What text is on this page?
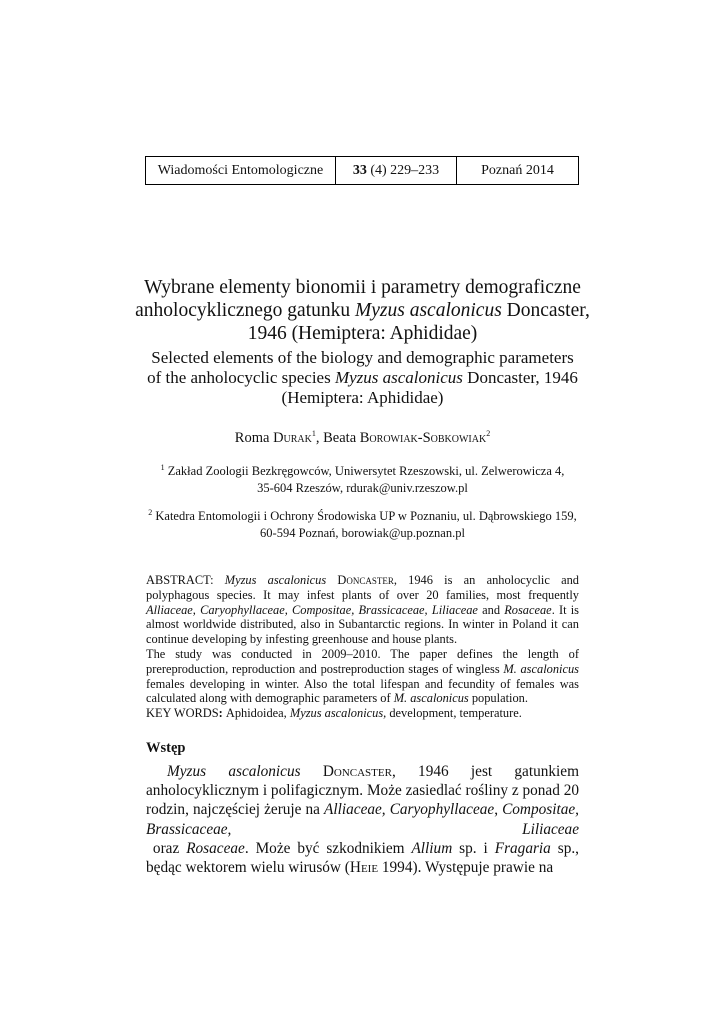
Wiadomości Entomologiczne	33 (4) 229–233	Poznań 2014
Wybrane elementy bionomii i parametry demograficzne
anholocyklicznego gatunku Myzus ascalonicus Doncaster,
1946 (Hemiptera: Aphididae)
Selected elements of the biology and demographic parameters
of the anholocyclic species Myzus ascalonicus Doncaster, 1946
(Hemiptera: Aphididae)
Roma Durak$^1$, Beata Borowiak-Sobkowiak$^2$
$^1$ Zakład Zoologii Bezkręgowców, Uniwersytet Rzeszowski, ul. Zelwerowicza 4,
35-604 Rzeszów, rdurak@univ.rzeszow.pl
$^2$ Katedra Entomologii i Ochrony Środowiska UP w Poznaniu, ul. Dąbrowskiego 159,
60-594 Poznań, borowiak@up.poznan.pl

ABSTRACT: Myzus ascalonicus Doncaster, 1946 is an anholocyclic and polyphagous species. It may infest plants of over 20 families, most frequently Alliaceae, Caryophyllaceae, Compositae, Brassicaceae, Liliaceae and Rosaceae. It is almost worldwide distributed, also in Subantarctic regions. In winter in Poland it can continue developing by infesting greenhouse and house plants.

The study was conducted in 2009–2010. The paper defines the length of prereproduction, reproduction and postreproduction stages of wingless M. ascalonicus females developing in winter. Also the total lifespan and fecundity of females was calculated along with demographic parameters of M. ascalonicus population.

KEY WORDS: Aphidoidea, Myzus ascalonicus, development, temperature.
Wstęp

Myzus ascalonicus Doncaster, 1946 jest gatunkiem anholocyklicznym i polifagicznym. Może zasiedlać rośliny z ponad 20 rodzin, najczęściej żeruje na Alliaceae, Caryophyllaceae, Compositae, Brassicaceae, Liliaceae oraz Rosaceae. Może być szkodnikiem Allium sp. i Fragaria sp., będąc wektorem wielu wirusów (Heie 1994). Występuje prawie na
